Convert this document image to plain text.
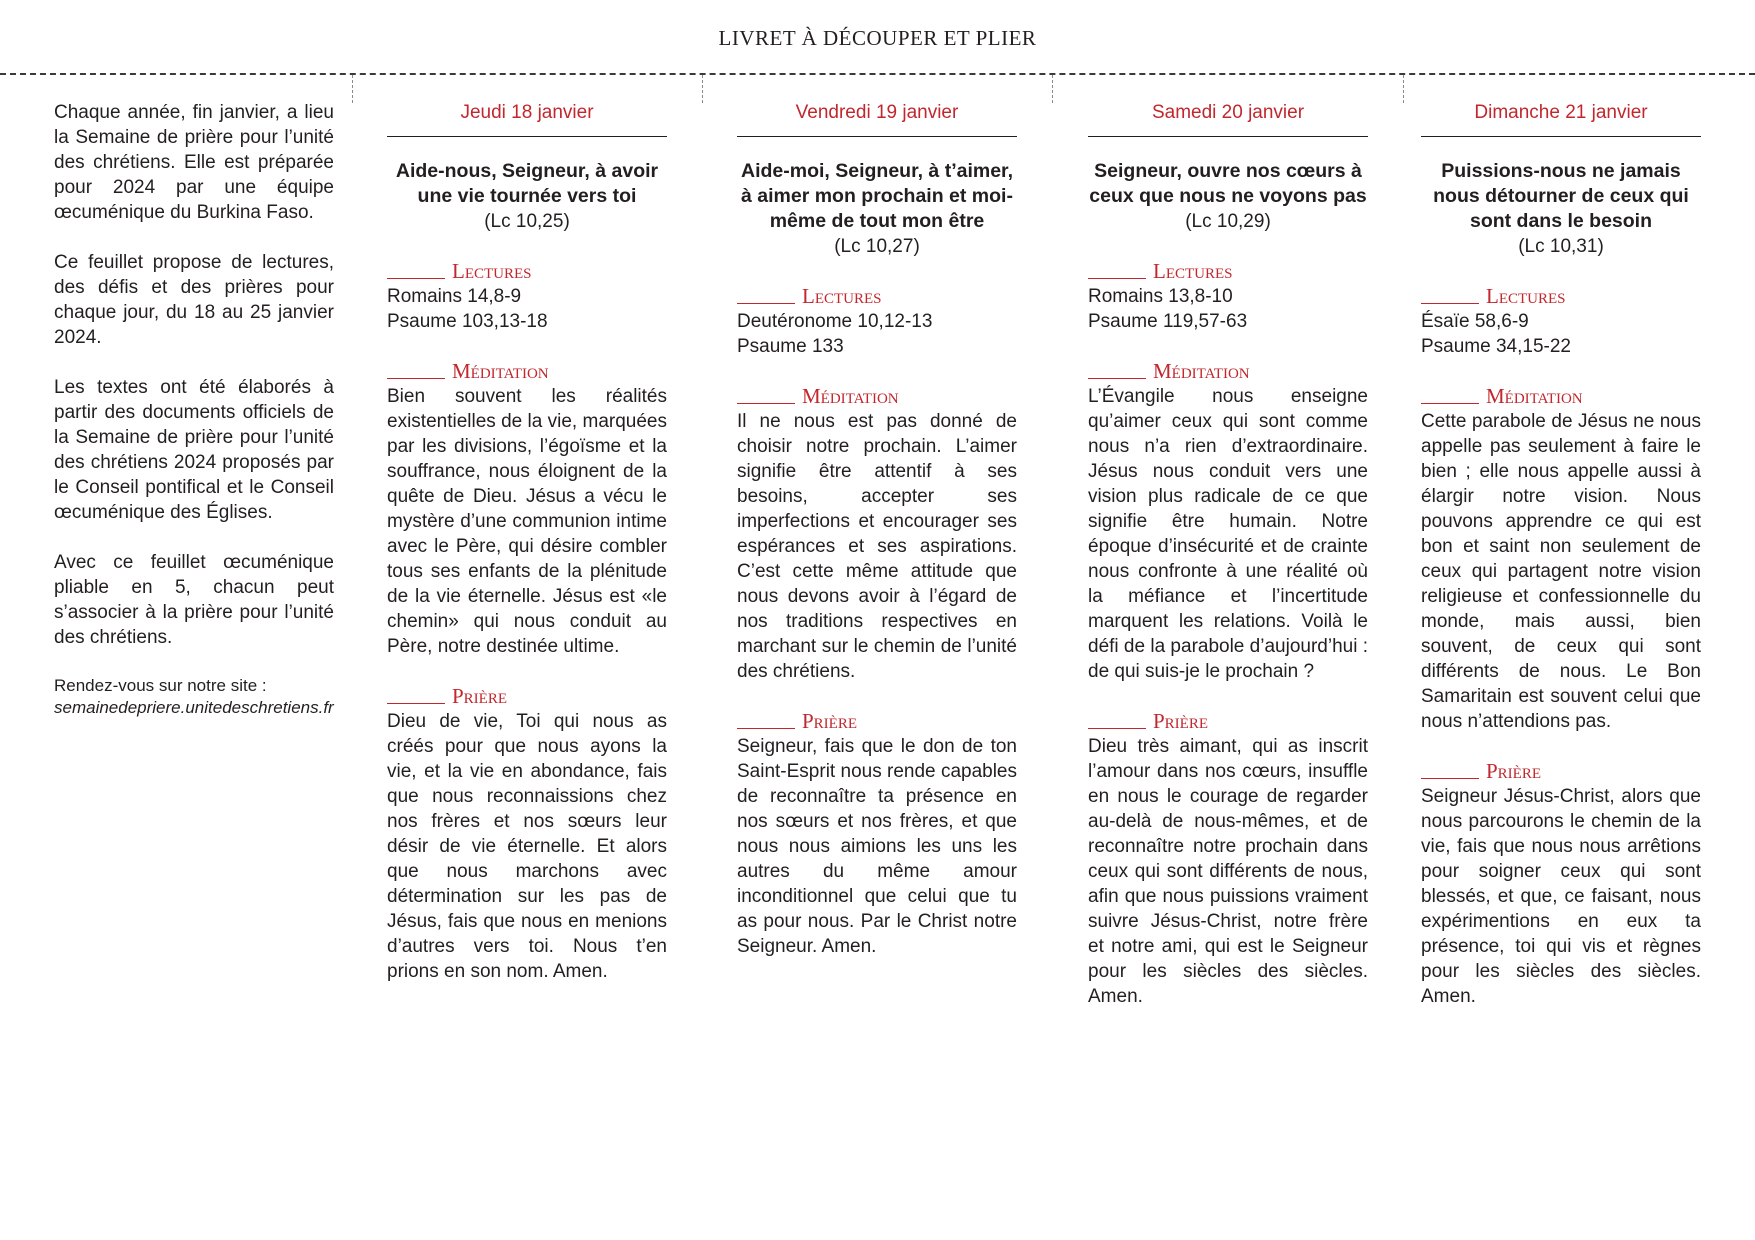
LIVRET À DÉCOUPER ET PLIER

Chaque année, fin janvier, a lieu la Semaine de prière pour l’unité des chrétiens. Elle est préparée pour 2024 par une équipe œcuménique du Burkina Faso.

Ce feuillet propose de lectures, des défis et des prières pour chaque jour, du 18 au 25 janvier 2024.

Les textes ont été élaborés à partir des documents officiels de la Semaine de prière pour l’unité des chrétiens 2024 proposés par le Conseil pontifical et le Conseil œcuménique des Églises.

Avec ce feuillet œcuménique pliable en 5, chacun peut s’associer à la prière pour l’unité des chrétiens.

Rendez-vous sur notre site : semainedepriere.unitedeschretiens.fr

Jeudi 18 janvier
Aide-nous, Seigneur, à avoir une vie tournée vers toi
(Lc 10,25)
Lectures
Romains 14,8-9
Psaume 103,13-18
Méditation
Bien souvent les réalités existentielles de la vie, marquées par les divisions, l’égoïsme et la souffrance, nous éloignent de la quête de Dieu. Jésus a vécu le mystère d’une communion intime avec le Père, qui désire combler tous ses enfants de la plénitude de la vie éternelle. Jésus est «le chemin» qui nous conduit au Père, notre destinée ultime.
Prière
Dieu de vie, Toi qui nous as créés pour que nous ayons la vie, et la vie en abondance, fais que nous reconnaissions chez nos frères et nos sœurs leur désir de vie éternelle. Et alors que nous marchons avec détermination sur les pas de Jésus, fais que nous en menions d’autres vers toi. Nous t’en prions en son nom. Amen.
Vendredi 19 janvier
Aide-moi, Seigneur, à t’aimer, à aimer mon prochain et moi-même de tout mon être
(Lc 10,27)
Lectures
Deutéronome 10,12-13
Psaume 133
Méditation
Il ne nous est pas donné de choisir notre prochain. L’aimer signifie être attentif à ses besoins, accepter ses imperfections et encourager ses espérances et ses aspirations. C’est cette même attitude que nous devons avoir à l’égard de nos traditions respectives en marchant sur le chemin de l’unité des chrétiens.
Prière
Seigneur, fais que le don de ton Saint-Esprit nous rende capables de reconnaître ta présence en nos sœurs et nos frères, et que nous nous aimions les uns les autres du même amour inconditionnel que celui que tu as pour nous. Par le Christ notre Seigneur. Amen.
Samedi 20 janvier
Seigneur, ouvre nos cœurs à ceux que nous ne voyons pas
(Lc 10,29)
Lectures
Romains 13,8-10
Psaume 119,57-63
Méditation
L’Évangile nous enseigne qu’aimer ceux qui sont comme nous n’a rien d’extraordinaire. Jésus nous conduit vers une vision plus radicale de ce que signifie être humain. Notre époque d’insécurité et de crainte nous confronte à une réalité où la méfiance et l’incertitude marquent les relations. Voilà le défi de la parabole d’aujourd’hui : de qui suis-je le prochain ?
Prière
Dieu très aimant, qui as inscrit l’amour dans nos cœurs, insuffle en nous le courage de regarder au-delà de nous-mêmes, et de reconnaître notre prochain dans ceux qui sont différents de nous, afin que nous puissions vraiment suivre Jésus-Christ, notre frère et notre ami, qui est le Seigneur pour les siècles des siècles. Amen.
Dimanche 21 janvier
Puissions-nous ne jamais nous détourner de ceux qui sont dans le besoin
(Lc 10,31)
Lectures
Ésaïe 58,6-9
Psaume 34,15-22
Méditation
Cette parabole de Jésus ne nous appelle pas seulement à faire le bien ; elle nous appelle aussi à élargir notre vision. Nous pouvons apprendre ce qui est bon et saint non seulement de ceux qui partagent notre vision religieuse et confessionnelle du monde, mais aussi, bien souvent, de ceux qui sont différents de nous. Le Bon Samaritain est souvent celui que nous n’attendions pas.
Prière
Seigneur Jésus-Christ, alors que nous parcourons le chemin de la vie, fais que nous nous arrêtions pour soigner ceux qui sont blessés, et que, ce faisant, nous expérimentions en eux ta présence, toi qui vis et règnes pour les siècles des siècles. Amen.
